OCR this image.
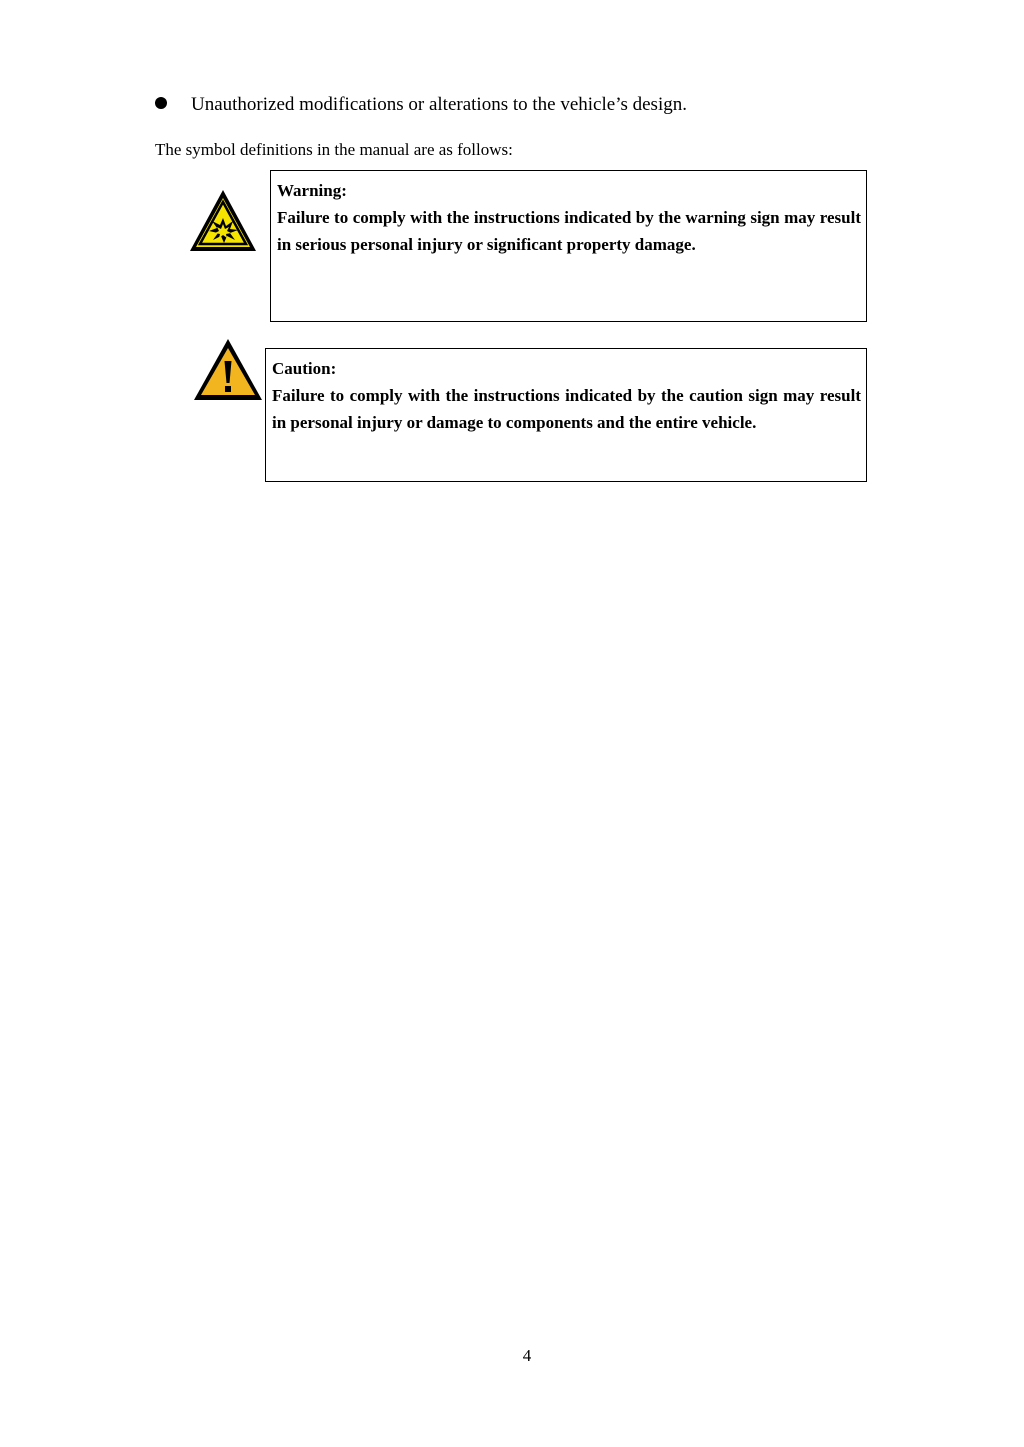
Unauthorized modifications or alterations to the vehicle’s design.
The symbol definitions in the manual are as follows:
Warning:
Failure to comply with the instructions indicated by the warning sign may result in serious personal injury or significant property damage.
Caution:
Failure to comply with the instructions indicated by the caution sign may result in personal injury or damage to components and the entire vehicle.
4
